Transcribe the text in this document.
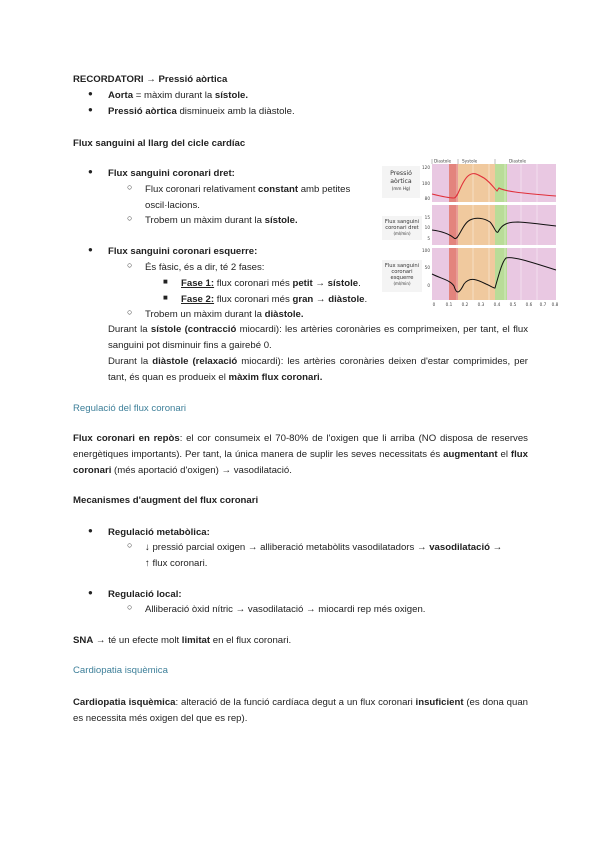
RECORDATORI → Pressió aòrtica
● Aorta = màxim durant la sístole.
● Pressió aòrtica disminueix amb la diàstole.
Flux sanguini al llarg del cicle cardíac
● Flux sanguini coronari dret:
○ Flux coronari relativament constant amb petites
oscil·lacions.
○ Trobem un màxim durant la sístole.
● Flux sanguini coronari esquerre:
○ És fàsic, és a dir, té 2 fases:
■ Fase 1: flux coronari més petit → sístole.
■ Fase 2: flux coronari més gran → diàstole.
○ Trobem un màxim durant la diàstole.
Durant la sístole (contracció miocardi): les artèries coronàries es comprimeixen, per tant, el flux sanguini pot disminuir fins a gairebé 0.
Durant la diàstole (relaxació miocardi): les artèries coronàries deixen d'estar comprimides, per tant, és quan es produeix el màxim flux coronari.
Diastole	Systole	Diastole
Pressió
aòrtica
(mm Hg)
Flux sanguini
coronari dret
(ml/min)
Flux sanguini
coronari
esquerre
(ml/min)
120
100
80
15
10
5
100
50
0
0 0.1 0.2 0.3 0.4 0.5 0.6 0.7 0.8
Regulació del flux coronari
Flux coronari en repòs: el cor consumeix el 70-80% de l'oxigen que li arriba (NO disposa de reserves energètiques importants). Per tant, la única manera de suplir les seves necessitats és augmentant el flux coronari (més aportació d'oxigen) → vasodilatació.
Mecanismes d'augment del flux coronari
● Regulació metabòlica:
○ ↓ pressió parcial oxigen → alliberació metabòlits vasodilatadors → vasodilatació →
↑ flux coronari.
● Regulació local:
○ Alliberació òxid nítric → vasodilatació → miocardi rep més oxigen.
SNA → té un efecte molt limitat en el flux coronari.
Cardiopatia isquèmica
Cardiopatia isquèmica: alteració de la funció cardíaca degut a un flux coronari insuficient (es dona quan es necessita més oxigen del que es rep).
